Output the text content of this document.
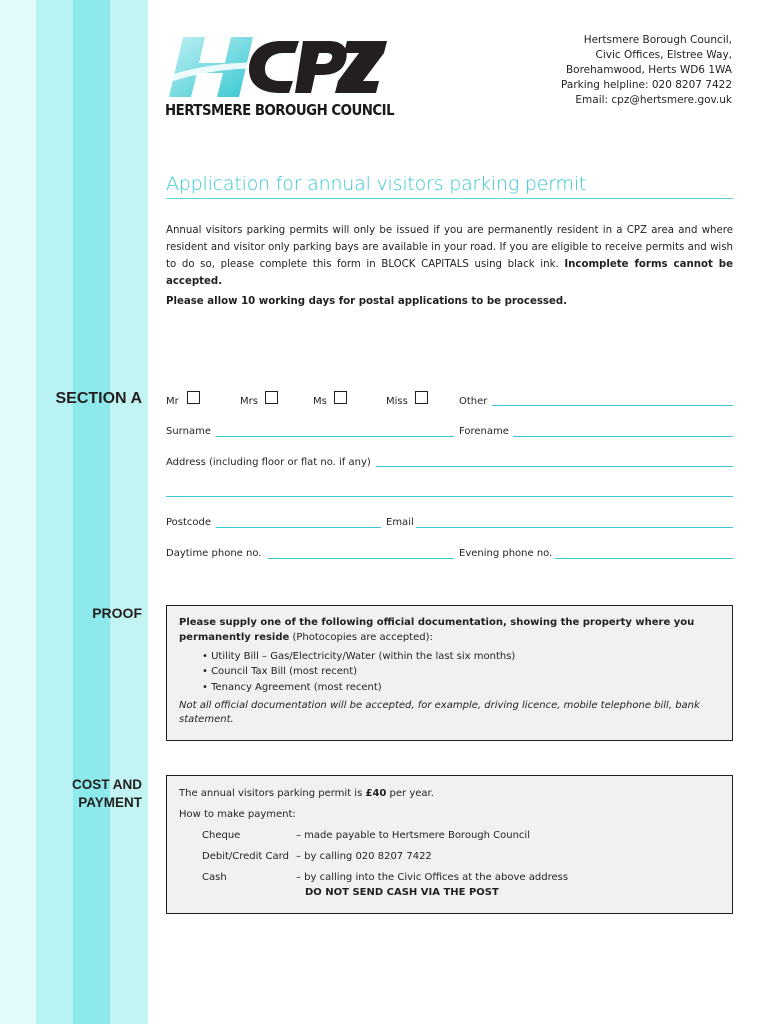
HERTSMERE BOROUGH COUNCIL
Hertsmere Borough Council,
Civic Offices, Elstree Way,
Borehamwood, Herts WD6 1WA
Parking helpline: 020 8207 7422
Email: cpz@hertsmere.gov.uk
Application for annual visitors parking permit
Annual visitors parking permits will only be issued if you are permanently resident in a CPZ area and where resident and visitor only parking bays are available in your road. If you are eligible to receive permits and wish to do so, please complete this form in BLOCK CAPITALS using black ink. Incomplete forms cannot be accepted.
Please allow 10 working days for postal applications to be processed.
SECTION A Mr	Mrs	Ms	Miss	Other
Surname	Forename
Address (including floor or flat no. if any)
Postcode	Email
Daytime phone no.	Evening phone no.
PROOF
Please supply one of the following official documentation, showing the property where you
permanently reside (Photocopies are accepted):
• Utility Bill – Gas/Electricity/Water (within the last six months)
• Council Tax Bill (most recent)
• Tenancy Agreement (most recent)
Not all official documentation will be accepted, for example, driving licence, mobile telephone bill, bank
statement.
COST AND
PAYMENT
The annual visitors parking permit is £40 per year.
How to make payment:
Cheque	– made payable to Hertsmere Borough Council
Debit/Credit Card – by calling 020 8207 7422
Cash	– by calling into the Civic Offices at the above address
DO NOT SEND CASH VIA THE POST
